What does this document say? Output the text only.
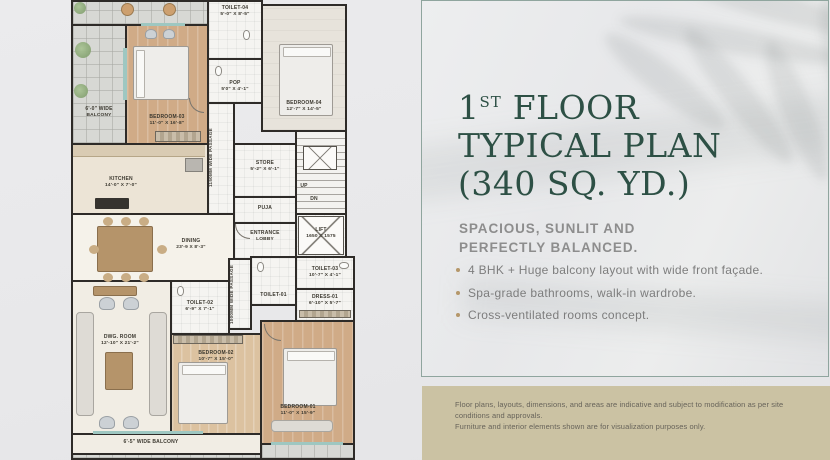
TOILET-04
5'-0" X 8'-5"
POP
5'0" X 4'-1"
BEDROOM-04
12'-7" X 14'-5"
BEDROOM-03
11'-0" X 16'-8"
6'-0" WIDE
BALCONY
KITCHEN
14'-0" X 7'-0"	1150MM WIDE PASSAGE	STORE
5'-2" X 6'-1"
PUJA
UP
DN
ENTRANCE
LOBBY
LIFT
1650 X 1575
DINING
23'-9 X 8'-3"
TOILET-01
1000MM WIDE PASSAGE	TOILET-03
10'-7" X 4'-1"
DRESS-01
6'-10" X 5'-7"
TOILET-02
6'-9" X 7'-1"
DWG. ROOM
12'-10" X 21'-2"
BEDROOM-02
10'-7" X 15'-0"
BEDROOM-01
11'-0" X 15'-9"
6'-5" WIDE BALCONY
1ST FLOOR
TYPICAL PLAN
(340 SQ. YD.)
SPACIOUS, SUNLIT AND
PERFECTLY BALANCED.
4 BHK + Huge balcony layout with wide front façade.
Spa-grade bathrooms, walk-in wardrobe.
Cross-ventilated rooms concept.
Floor plans, layouts, dimensions, and areas are indicative and subject to modification as per site conditions and approvals.
Furniture and interior elements shown are for visualization purposes only.
